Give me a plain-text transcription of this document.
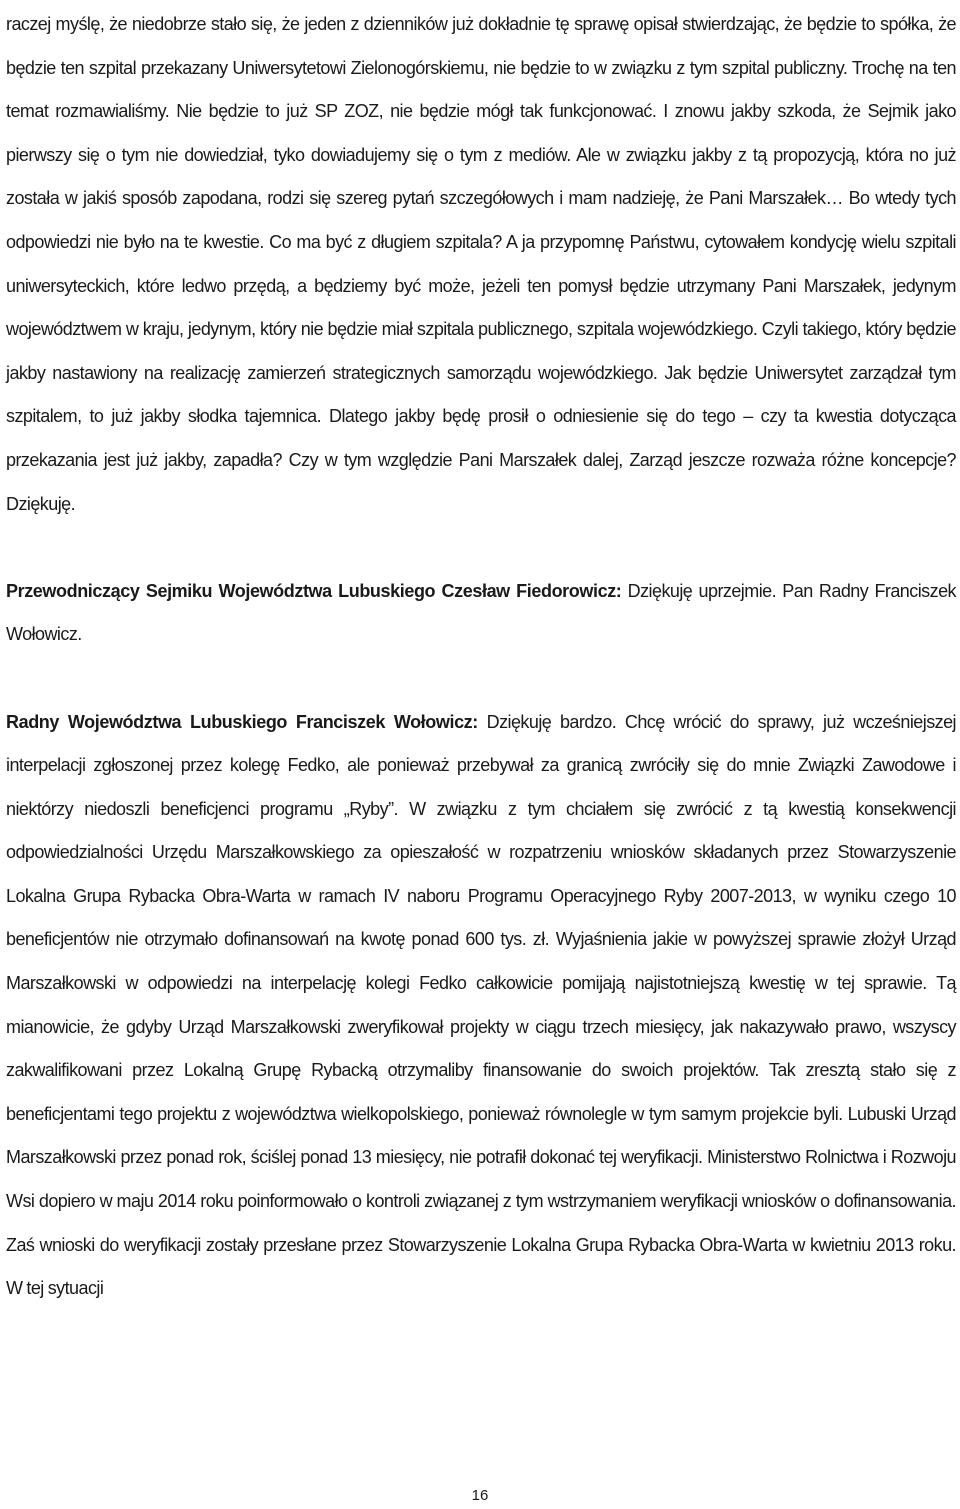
raczej myślę, że niedobrze stało się, że jeden z dzienników już dokładnie tę sprawę opisał stwierdzając, że będzie to spółka, że będzie ten szpital przekazany Uniwersytetowi Zielonogórskiemu, nie będzie to w związku z tym szpital publiczny. Trochę na ten temat rozmawialiśmy. Nie będzie to już SP ZOZ, nie będzie mógł tak funkcjonować. I znowu jakby szkoda, że Sejmik jako pierwszy się o tym nie dowiedział, tyko dowiadujemy się o tym z mediów. Ale w związku jakby z tą propozycją, która no już została w jakiś sposób zapodana, rodzi się szereg pytań szczegółowych i mam nadzieję, że Pani Marszałek… Bo wtedy tych odpowiedzi nie było na te kwestie. Co ma być z długiem szpitala? A ja przypomnę Państwu, cytowałem kondycję wielu szpitali uniwersyteckich, które ledwo przędą, a będziemy być może, jeżeli ten pomysł będzie utrzymany Pani Marszałek, jedynym województwem w kraju, jedynym, który nie będzie miał szpitala publicznego, szpitala wojewódzkiego. Czyli takiego, który będzie jakby nastawiony na realizację zamierzeń strategicznych samorządu wojewódzkiego. Jak będzie Uniwersytet zarządzał tym szpitalem, to już jakby słodka tajemnica. Dlatego jakby będę prosił o odniesienie się do tego – czy ta kwestia dotycząca przekazania jest już jakby, zapadła? Czy w tym względzie Pani Marszałek dalej, Zarząd jeszcze rozważa różne koncepcje? Dziękuję.

Przewodniczący Sejmiku Województwa Lubuskiego Czesław Fiedorowicz: Dziękuję uprzejmie. Pan Radny Franciszek Wołowicz.

Radny Województwa Lubuskiego Franciszek Wołowicz: Dziękuję bardzo. Chcę wrócić do sprawy, już wcześniejszej interpelacji zgłoszonej przez kolegę Fedko, ale ponieważ przebywał za granicą zwróciły się do mnie Związki Zawodowe i niektórzy niedoszli beneficjenci programu „Ryby”. W związku z tym chciałem się zwrócić z tą kwestią konsekwencji odpowiedzialności Urzędu Marszałkowskiego za opieszałość w rozpatrzeniu wniosków składanych przez Stowarzyszenie Lokalna Grupa Rybacka Obra-Warta w ramach IV naboru Programu Operacyjnego Ryby 2007-2013, w wyniku czego 10 beneficjentów nie otrzymało dofinansowań na kwotę ponad 600 tys. zł. Wyjaśnienia jakie w powyższej sprawie złożył Urząd Marszałkowski w odpowiedzi na interpelację kolegi Fedko całkowicie pomijają najistotniejszą kwestię w tej sprawie. Tą mianowicie, że gdyby Urząd Marszałkowski zweryfikował projekty w ciągu trzech miesięcy, jak nakazywało prawo, wszyscy zakwalifikowani przez Lokalną Grupę Rybacką otrzymaliby finansowanie do swoich projektów. Tak zresztą stało się z beneficjentami tego projektu z województwa wielkopolskiego, ponieważ równolegle w tym samym projekcie byli. Lubuski Urząd Marszałkowski przez ponad rok, ściślej ponad 13 miesięcy, nie potrafił dokonać tej weryfikacji. Ministerstwo Rolnictwa i Rozwoju Wsi dopiero w maju 2014 roku poinformowało o kontroli związanej z tym wstrzymaniem weryfikacji wniosków o dofinansowania. Zaś wnioski do weryfikacji zostały przesłane przez Stowarzyszenie Lokalna Grupa Rybacka Obra-Warta w kwietniu 2013 roku. W tej sytuacji

16
